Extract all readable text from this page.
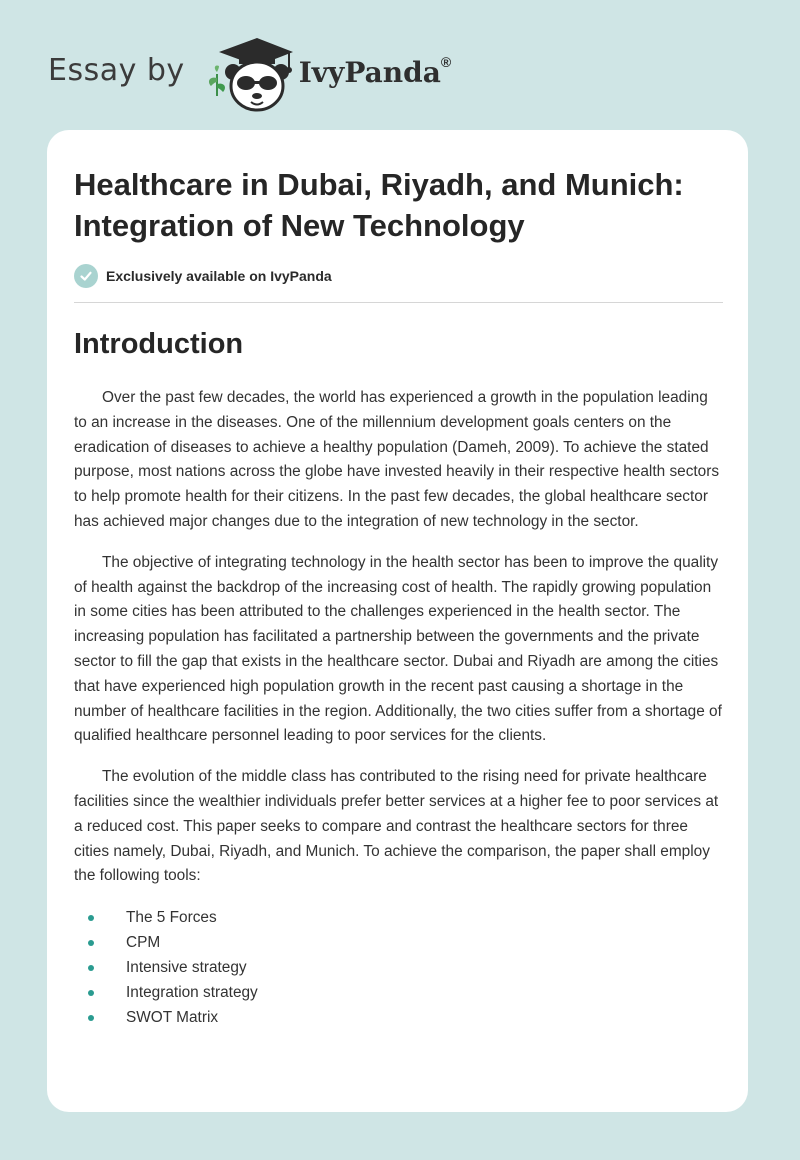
Essay by	IvyPanda®
Healthcare in Dubai, Riyadh, and Munich: Integration of New Technology
Exclusively available on IvyPanda
Introduction

Over the past few decades, the world has experienced a growth in the population leading to an increase in the diseases. One of the millennium development goals centers on the eradication of diseases to achieve a healthy population (Dameh, 2009). To achieve the stated purpose, most nations across the globe have invested heavily in their respective health sectors to help promote health for their citizens. In the past few decades, the global healthcare sector has achieved major changes due to the integration of new technology in the sector.

The objective of integrating technology in the health sector has been to improve the quality of health against the backdrop of the increasing cost of health. The rapidly growing population in some cities has been attributed to the challenges experienced in the health sector. The increasing population has facilitated a partnership between the governments and the private sector to fill the gap that exists in the healthcare sector. Dubai and Riyadh are among the cities that have experienced high population growth in the recent past causing a shortage in the number of healthcare facilities in the region. Additionally, the two cities suffer from a shortage of qualified healthcare personnel leading to poor services for the clients.

The evolution of the middle class has contributed to the rising need for private healthcare facilities since the wealthier individuals prefer better services at a higher fee to poor services at a reduced cost. This paper seeks to compare and contrast the healthcare sectors for three cities namely, Dubai, Riyadh, and Munich. To achieve the comparison, the paper shall employ the following tools:

The 5 Forces
CPM
Intensive strategy
Integration strategy
SWOT Matrix
